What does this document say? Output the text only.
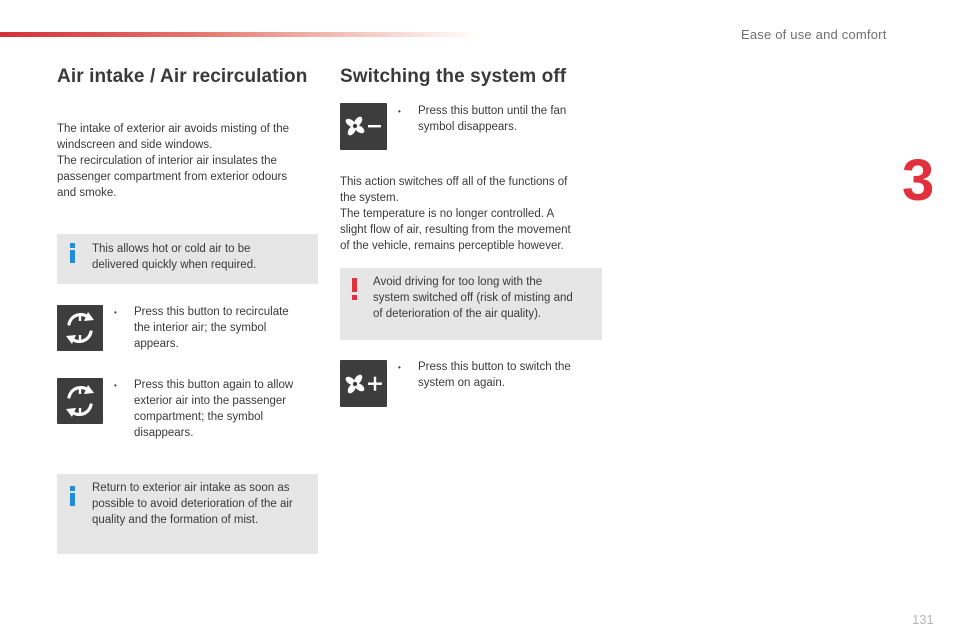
Ease of use and comfort
3
Air intake / Air recirculation
The intake of exterior air avoids misting of the
windscreen and side windows.
The recirculation of interior air insulates the
passenger compartment from exterior odours
and smoke.
This allows hot or cold air to be
delivered quickly when required.
• Press this button to recirculate
the interior air; the symbol
appears.
• Press this button again to allow
exterior air into the passenger
compartment; the symbol
disappears.
Return to exterior air intake as soon as
possible to avoid deterioration of the air
quality and the formation of mist.
Switching the system off
• Press this button until the fan
symbol disappears.
This action switches off all of the functions of
the system.
The temperature is no longer controlled. A
slight flow of air, resulting from the movement
of the vehicle, remains perceptible however.
Avoid driving for too long with the
system switched off (risk of misting and
of deterioration of the air quality).
• Press this button to switch the
system on again.
131
